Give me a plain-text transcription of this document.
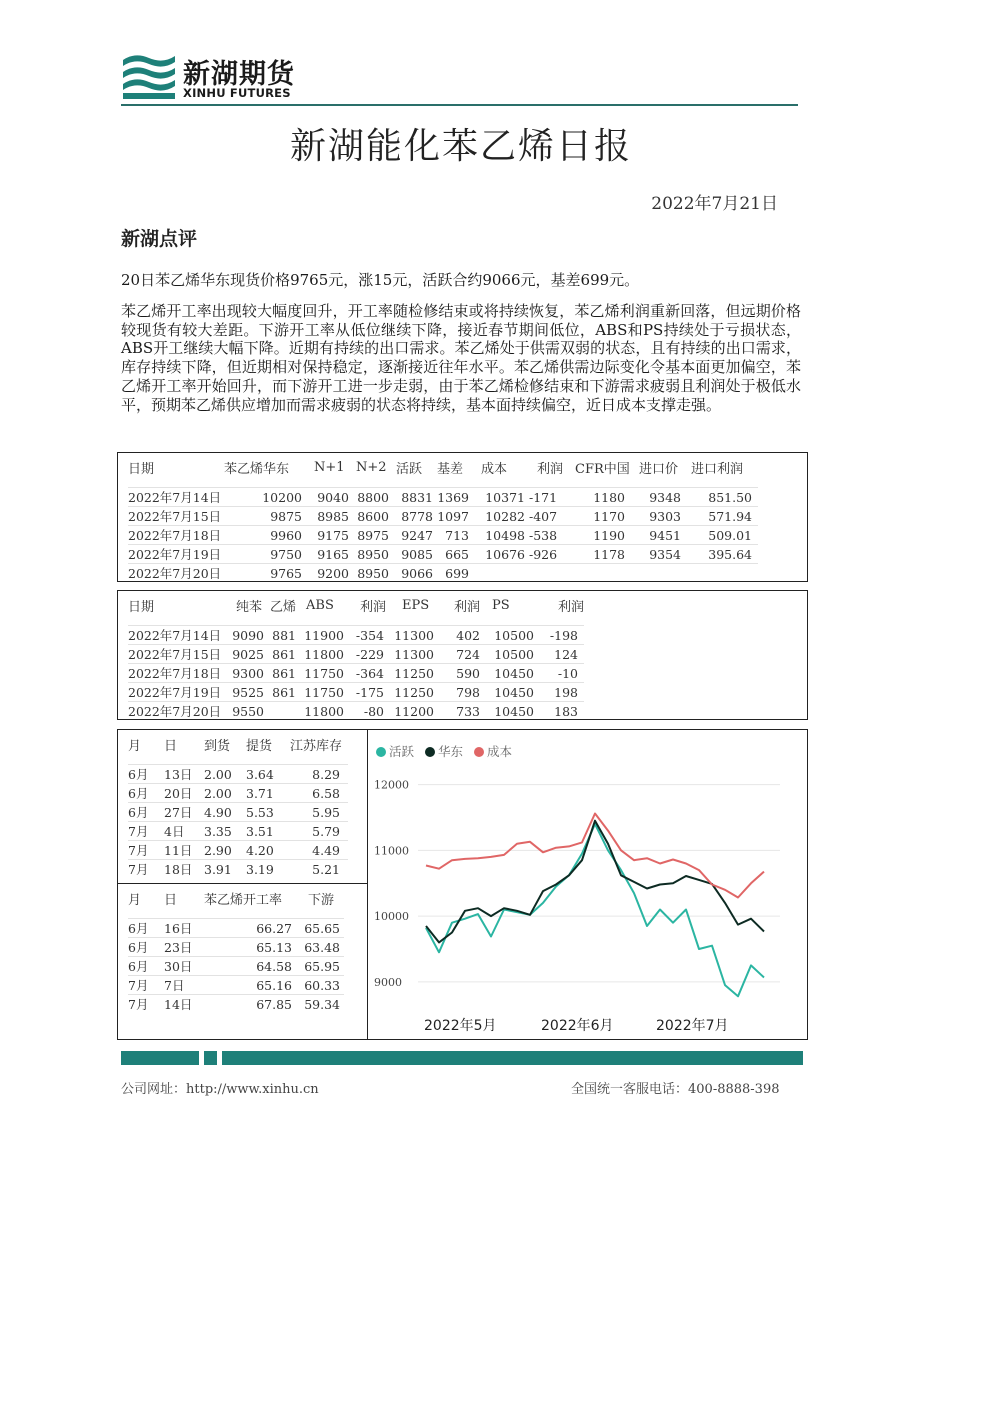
新湖期货
XINHU FUTURES
新湖能化苯乙烯日报
2022年7月21日
新湖点评
20日苯乙烯华东现货价格9765元，涨15元，活跃合约9066元，基差699元。
苯乙烯开工率出现较大幅度回升，开工率随检修结束或将持续恢复，苯乙烯利润重新回落，但远期价格较现货有较大差距。下游开工率从低位继续下降，接近春节期间低位，ABS和PS持续处于亏损状态，ABS开工继续大幅下降。近期有持续的出口需求。苯乙烯处于供需双弱的状态，且有持续的出口需求，库存持续下降，但近期相对保持稳定，逐渐接近往年水平。苯乙烯供需边际变化令基本面更加偏空，苯乙烯开工率开始回升，而下游开工进一步走弱，由于苯乙烯检修结束和下游需求疲弱且利润处于极低水平，预期苯乙烯供应增加而需求疲弱的状态将持续，基本面持续偏空，近日成本支撑走强。
日期	苯乙烯华东	N+1	N+2	活跃	基差	成本	利润	CFR中国	进口价	进口利润

2022年7月14日	10200	9040	8800	8831	1369	10371	-171	1180	9348	851.50
2022年7月15日	9875	8985	8600	8778	1097	10282	-407	1170	9303	571.94
2022年7月18日	9960	9175	8975	9247	713	10498	-538	1190	9451	509.01
2022年7月19日	9750	9165	8950	9085	665	10676	-926	1178	9354	395.64
2022年7月20日	9765	9200	8950	9066	699					
日期	纯苯	乙烯	ABS	利润	EPS	利润	PS	利润

2022年7月14日	9090	881	11900	-354	11300	402	10500	-198
2022年7月15日	9025	861	11800	-229	11300	724	10500	124
2022年7月18日	9300	861	11750	-364	11250	590	10450	-10
2022年7月19日	9525	861	11750	-175	11250	798	10450	198
2022年7月20日	9550		11800	-80	11200	733	10450	183
月	日	到货	提货	江苏库存

6月	13日	2.00	3.64	8.29
6月	20日	2.00	3.71	6.58
6月	27日	4.90	5.53	5.95
7月	4日	3.35	3.51	5.79
7月	11日	2.90	4.20	4.49
7月	18日	3.91	3.19	5.21
月	日	苯乙烯开工率	下游

6月	16日	66.27	65.65
6月	23日	65.13	63.48
6月	30日	64.58	65.95
7月	7日	65.16	60.33
7月	14日	67.85	59.34
12000
11000
10000
9000
2022年5月	2022年6月	2022年7月
活跃 华东 成本
公司网址：http://www.xinhu.cn	全国统一客服电话：400-8888-398
